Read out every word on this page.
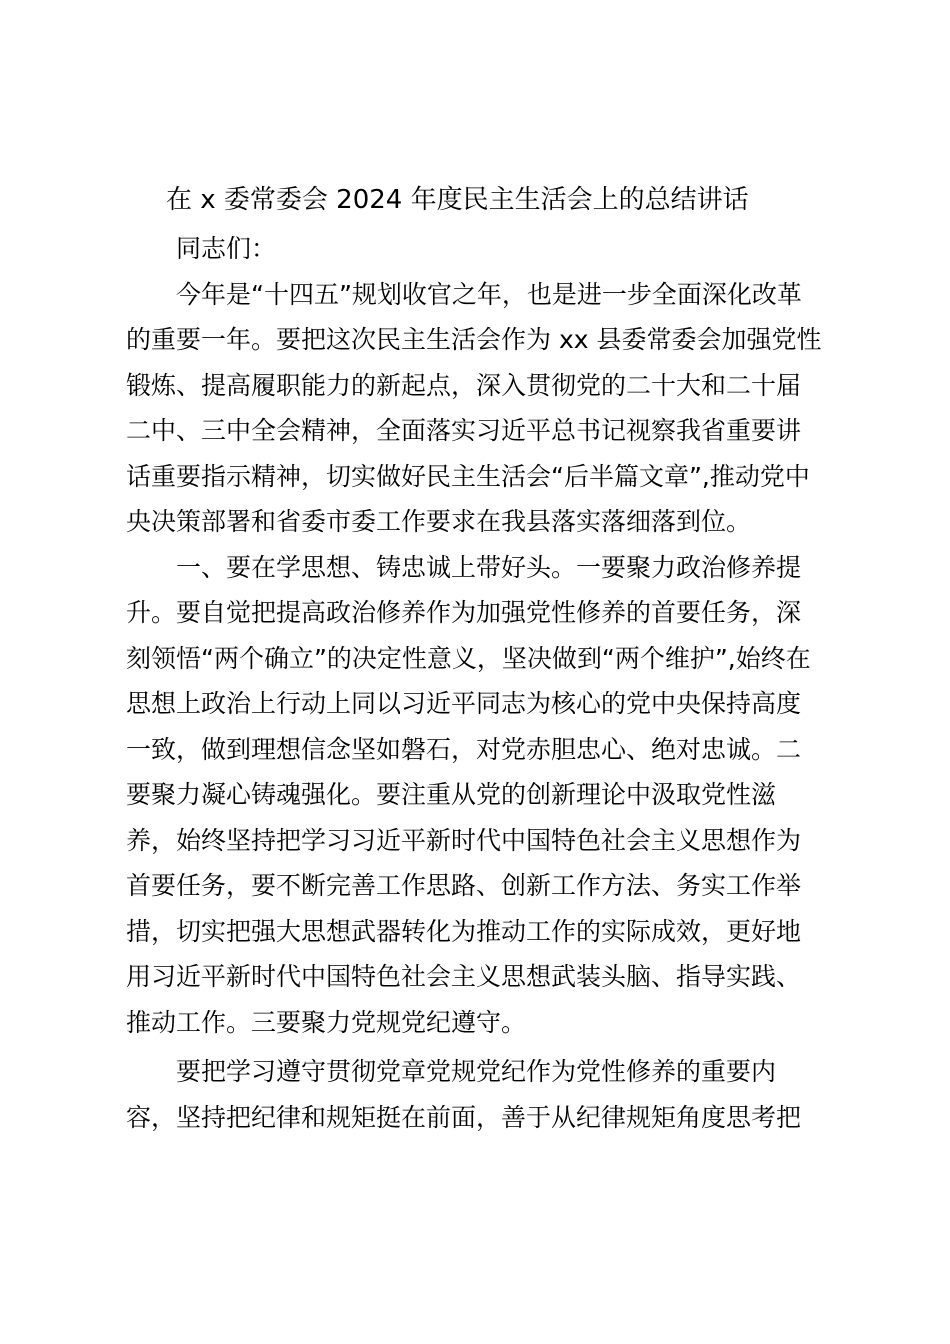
在 x 委常委会 2024 年度民主生活会上的总结讲话
同志们：
今年是“十四五”规划收官之年，也是进一步全面深化改革
的重要一年。要把这次民主生活会作为 xx 县委常委会加强党性
锻炼、提高履职能力的新起点，深入贯彻党的二十大和二十届
二中、三中全会精神，全面落实习近平总书记视察我省重要讲
话重要指示精神，切实做好民主生活会“后半篇文章”,推动党中
央决策部署和省委市委工作要求在我县落实落细落到位。
一、要在学思想、铸忠诚上带好头。一要聚力政治修养提
升。要自觉把提高政治修养作为加强党性修养的首要任务，深
刻领悟“两个确立”的决定性意义，坚决做到“两个维护”,始终在
思想上政治上行动上同以习近平同志为核心的党中央保持高度
一致，做到理想信念坚如磐石，对党赤胆忠心、绝对忠诚。二
要聚力凝心铸魂强化。要注重从党的创新理论中汲取党性滋
养，始终坚持把学习习近平新时代中国特色社会主义思想作为
首要任务，要不断完善工作思路、创新工作方法、务实工作举
措，切实把强大思想武器转化为推动工作的实际成效，更好地
用习近平新时代中国特色社会主义思想武装头脑、指导实践、
推动工作。三要聚力党规党纪遵守。
要把学习遵守贯彻党章党规党纪作为党性修养的重要内
容，坚持把纪律和规矩挺在前面，善于从纪律规矩角度思考把
